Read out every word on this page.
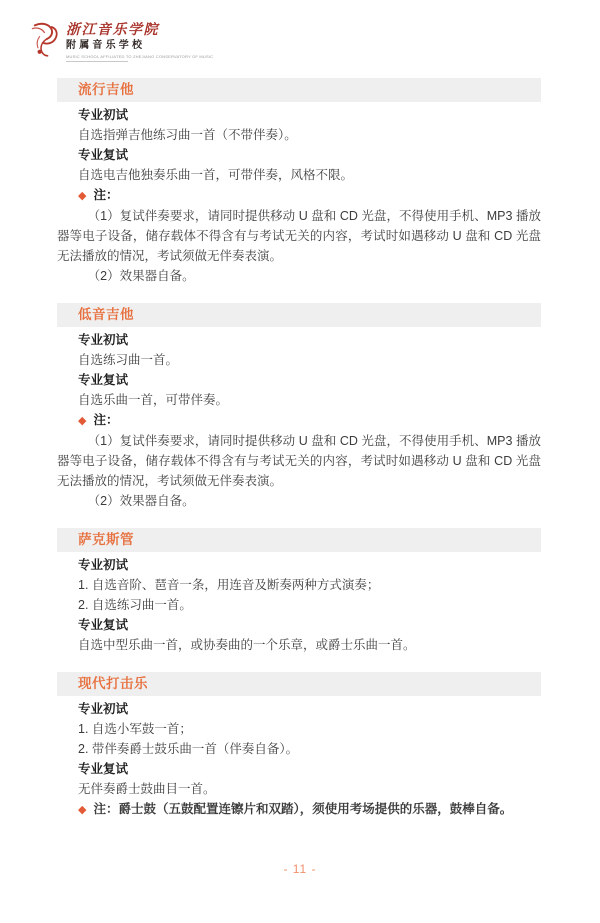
浙江音乐学院
附属音乐学校
MUSIC SCHOOL AFFILIATED TO ZHEJIANG CONSERVATORY OF MUSIC
流行吉他

专业初试

自选指弹吉他练习曲一首（不带伴奏）。

专业复试

自选电吉他独奏乐曲一首，可带伴奏，风格不限。

◆ 注：

（1）复试伴奏要求，请同时提供移动 U 盘和 CD 光盘，不得使用手机、MP3 播放器等电子设备，储存载体不得含有与考试无关的内容，考试时如遇移动 U 盘和 CD 光盘无法播放的情况，考试须做无伴奏表演。

（2）效果器自备。

低音吉他

专业初试

自选练习曲一首。

专业复试

自选乐曲一首，可带伴奏。

◆ 注：

（1）复试伴奏要求，请同时提供移动 U 盘和 CD 光盘，不得使用手机、MP3 播放器等电子设备，储存载体不得含有与考试无关的内容，考试时如遇移动 U 盘和 CD 光盘无法播放的情况，考试须做无伴奏表演。

（2）效果器自备。

萨克斯管

专业初试

1. 自选音阶、琶音一条，用连音及断奏两种方式演奏；

2. 自选练习曲一首。

专业复试

自选中型乐曲一首，或协奏曲的一个乐章，或爵士乐曲一首。

现代打击乐

专业初试

1. 自选小军鼓一首；

2. 带伴奏爵士鼓乐曲一首（伴奏自备）。

专业复试

无伴奏爵士鼓曲目一首。

◆ 注：爵士鼓（五鼓配置连镲片和双踏），须使用考场提供的乐器，鼓棒自备。

- 11 -
